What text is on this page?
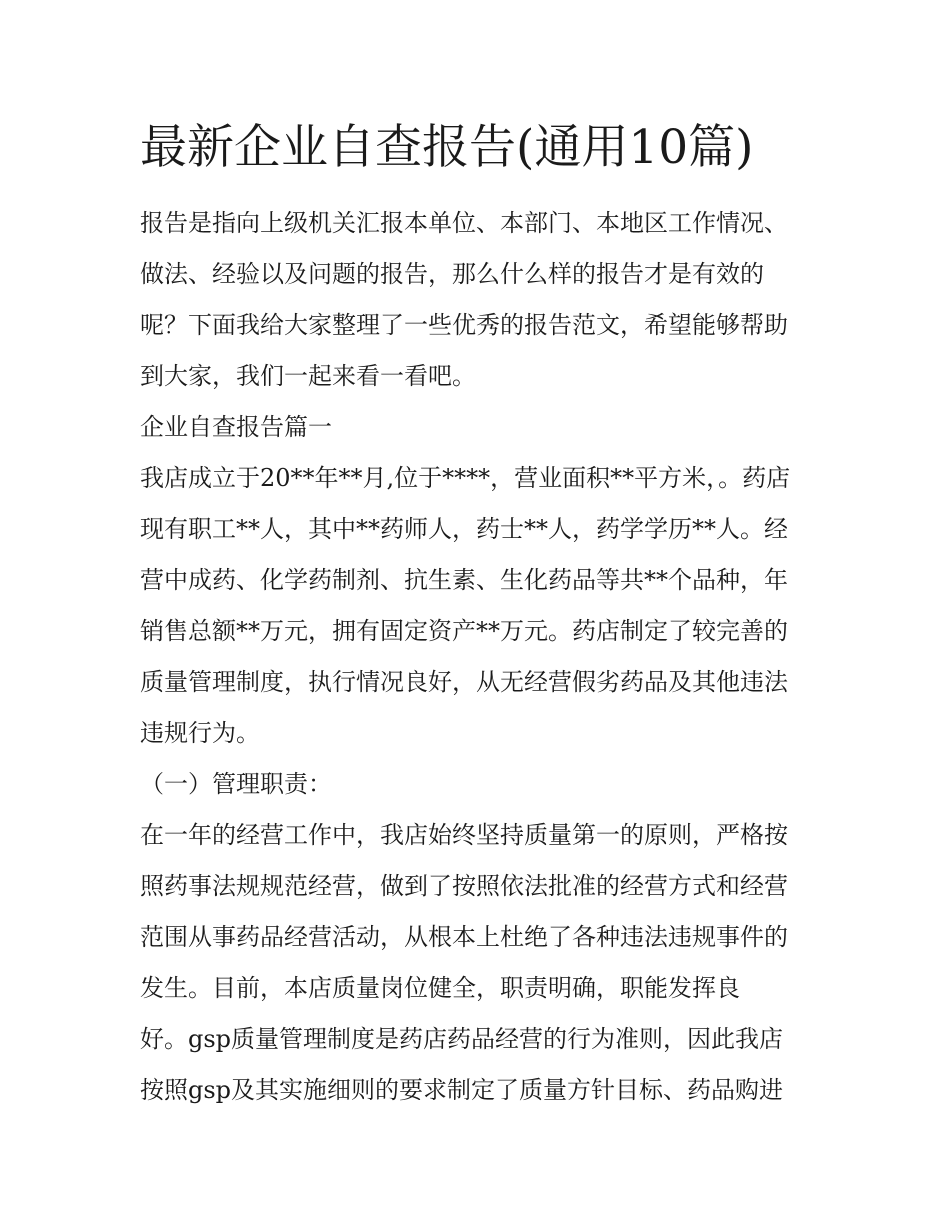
最新企业自查报告(通用10篇)
报告是指向上级机关汇报本单位、本部门、本地区工作情况、
做法、经验以及问题的报告，那么什么样的报告才是有效的
呢？下面我给大家整理了一些优秀的报告范文，希望能够帮助
到大家，我们一起来看一看吧。
企业自查报告篇一
我店成立于20**年**月,位于****，营业面积**平方米，。药店
现有职工**人，其中**药师人，药士**人，药学学历**人。经
营中成药、化学药制剂、抗生素、生化药品等共**个品种，年
销售总额**万元，拥有固定资产**万元。药店制定了较完善的
质量管理制度，执行情况良好，从无经营假劣药品及其他违法
违规行为。
（一）管理职责：
在一年的经营工作中，我店始终坚持质量第一的原则，严格按
照药事法规规范经营，做到了按照依法批准的经营方式和经营
范围从事药品经营活动，从根本上杜绝了各种违法违规事件的
发生。目前，本店质量岗位健全，职责明确，职能发挥良
好。gsp质量管理制度是药店药品经营的行为准则，因此我店
按照gsp及其实施细则的要求制定了质量方针目标、药品购进
